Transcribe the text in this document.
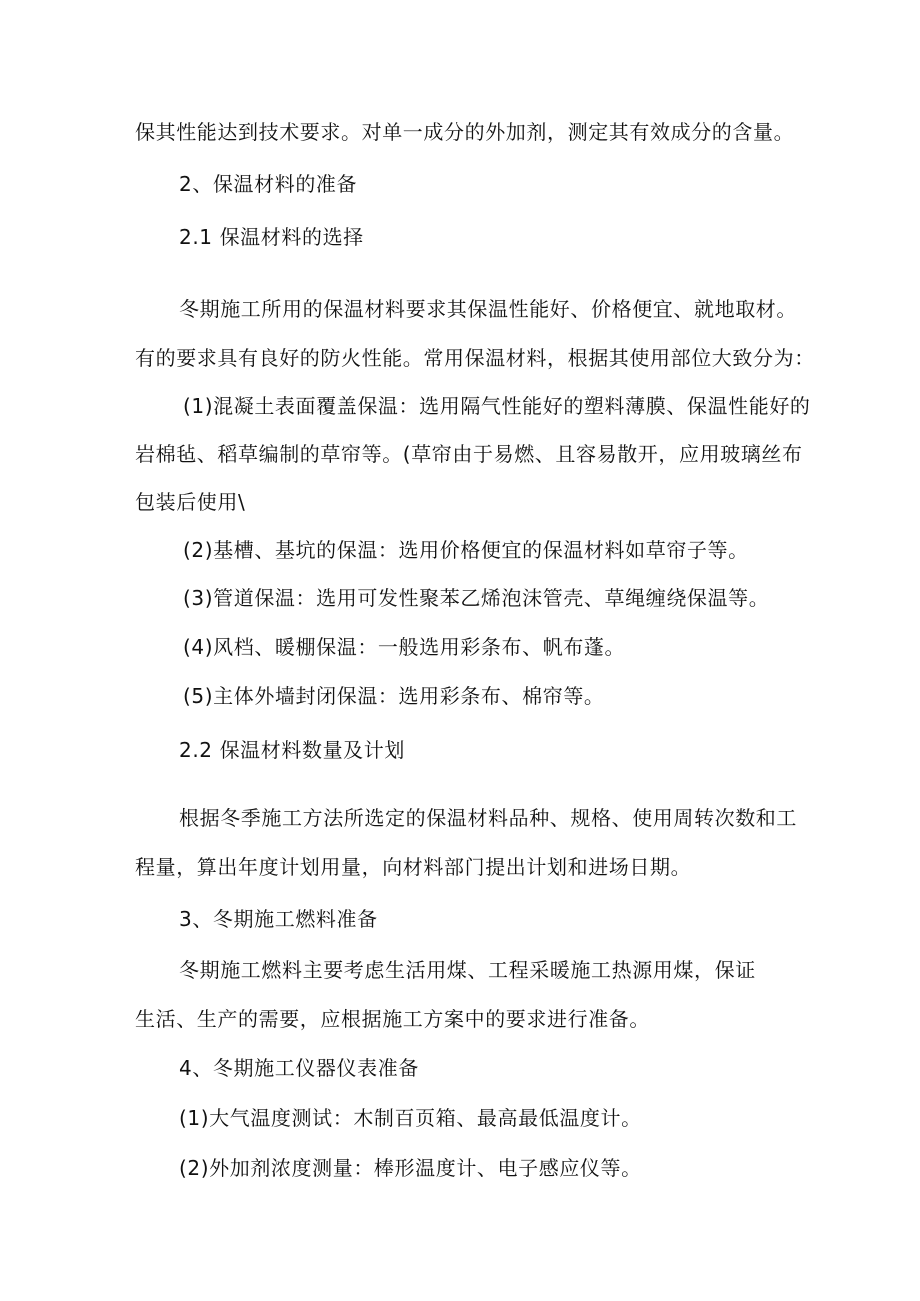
保其性能达到技术要求。对单一成分的外加剂，测定其有效成分的含量。

2、保温材料的准备

2.1 保温材料的选择

冬期施工所用的保温材料要求其保温性能好、价格便宜、就地取材。

有的要求具有良好的防火性能。常用保温材料，根据其使用部位大致分为：

(1)混凝土表面覆盖保温：选用隔气性能好的塑料薄膜、保温性能好的

岩棉毡、稻草编制的草帘等。(草帘由于易燃、且容易散开，应用玻璃丝布

包装后使用\

(2)基槽、基坑的保温：选用价格便宜的保温材料如草帘子等。

(3)管道保温：选用可发性聚苯乙烯泡沫管壳、草绳缠绕保温等。

(4)风档、暖棚保温：一般选用彩条布、帆布蓬。

(5)主体外墙封闭保温：选用彩条布、棉帘等。

2.2 保温材料数量及计划

根据冬季施工方法所选定的保温材料品种、规格、使用周转次数和工

程量，算出年度计划用量，向材料部门提出计划和进场日期。

3、冬期施工燃料准备

冬期施工燃料主要考虑生活用煤、工程采暖施工热源用煤，保证

生活、生产的需要，应根据施工方案中的要求进行准备。

4、冬期施工仪器仪表准备

(1)大气温度测试：木制百页箱、最高最低温度计。

(2)外加剂浓度测量：棒形温度计、电子感应仪等。
